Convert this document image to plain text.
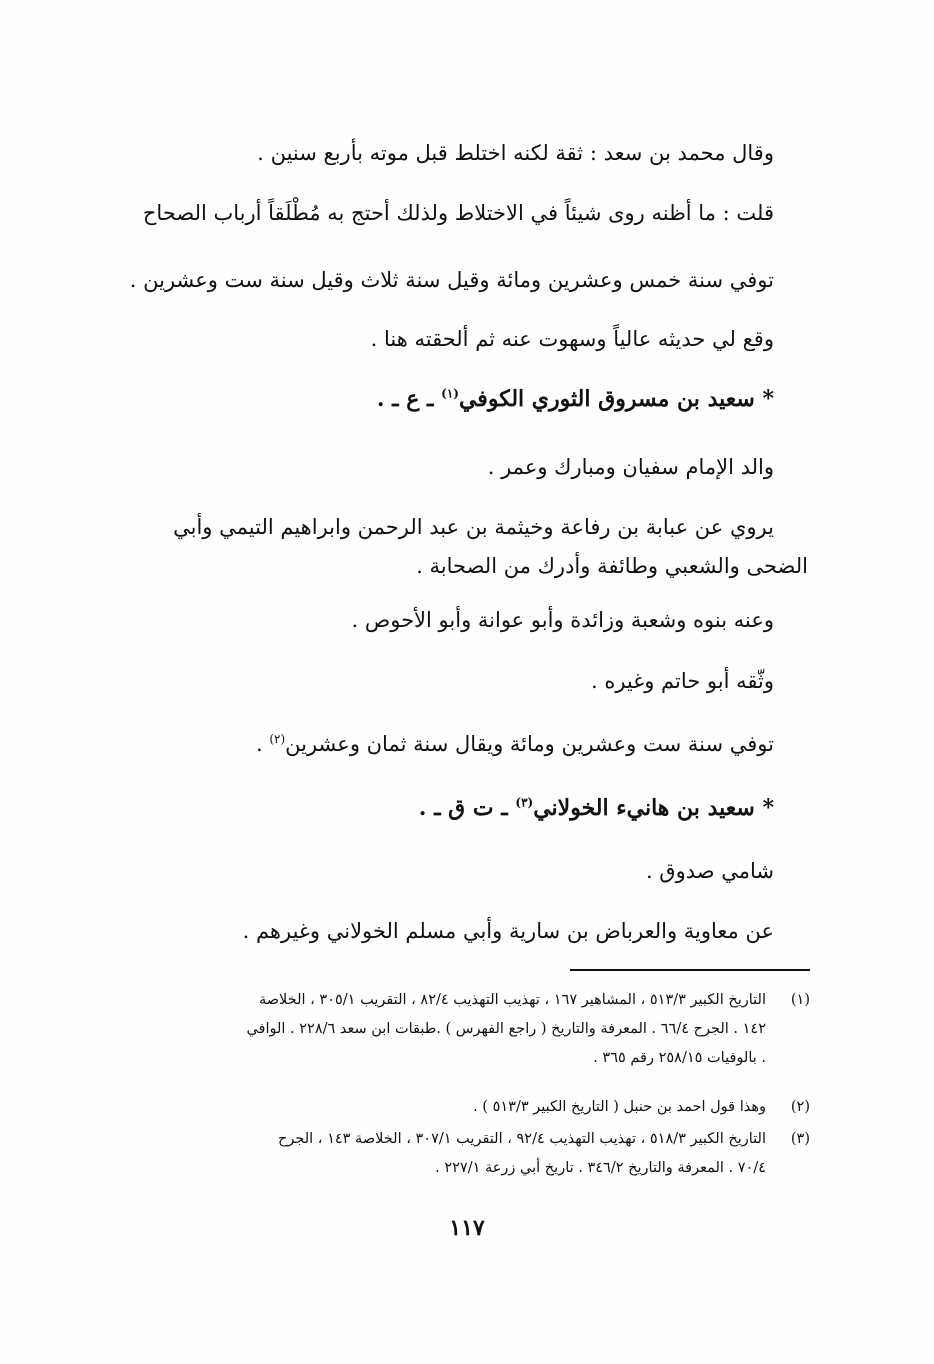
وقال محمد بن سعد : ثقة لكنه اختلط قبل موته بأربع سنين .
قلت : ما أظنه روى شيئاً في الاختلاط ولذلك أحتج به مُطْلَقاً أرباب الصحاح
توفي سنة خمس وعشرين ومائة وقيل سنة ثلاث وقيل سنة ست وعشرين .
وقع لي حديثه عالياً وسهوت عنه ثم ألحقته هنا .
* سعيد بن مسروق الثوري الكوفي$^{(١)}$ ـ ع ـ .
والد الإمام سفيان ومبارك وعمر .
يروي عن عبابة بن رفاعة وخيثمة بن عبد الرحمن وابراهيم التيمي وأبي
الضحى والشعبي وطائفة وأدرك من الصحابة .
وعنه بنوه وشعبة وزائدة وأبو عوانة وأبو الأحوص .
وثّقه أبو حاتم وغيره .
توفي سنة ست وعشرين ومائة ويقال سنة ثمان وعشرين$^{(٢)}$ .
* سعيد بن هانيء الخولاني$^{(٣)}$ ـ ت ق ـ .
شامي صدوق .
عن معاوية والعرباض بن سارية وأبي مسلم الخولاني وغيرهم .
(١)
التاريخ الكبير ٥١٣/٣ ، المشاهير ١٦٧ ، تهذيب التهذيب ٨٢/٤ ، التقريب ٣٠٥/١ ، الخلاصة
١٤٢ . الجرح ٦٦/٤ . المعرفة والتاريخ ( راجع الفهرس ) .طبقات ابن سعد ٢٢٨/٦ . الوافي
. بالوفيات ٢٥٨/١٥ رقم ٣٦٥ .
(٢)
وهذا قول احمد بن حنبل ( التاريخ الكبير ٥١٣/٣ ) .
(٣)
التاريخ الكبير ٥١٨/٣ ، تهذيب التهذيب ٩٢/٤ ، التقريب ٣٠٧/١ ، الخلاصة ١٤٣ ، الجرح
٧٠/٤ . المعرفة والتاريخ ٣٤٦/٢ . تاريخ أبي زرعة ٢٢٧/١ .
١١٧
